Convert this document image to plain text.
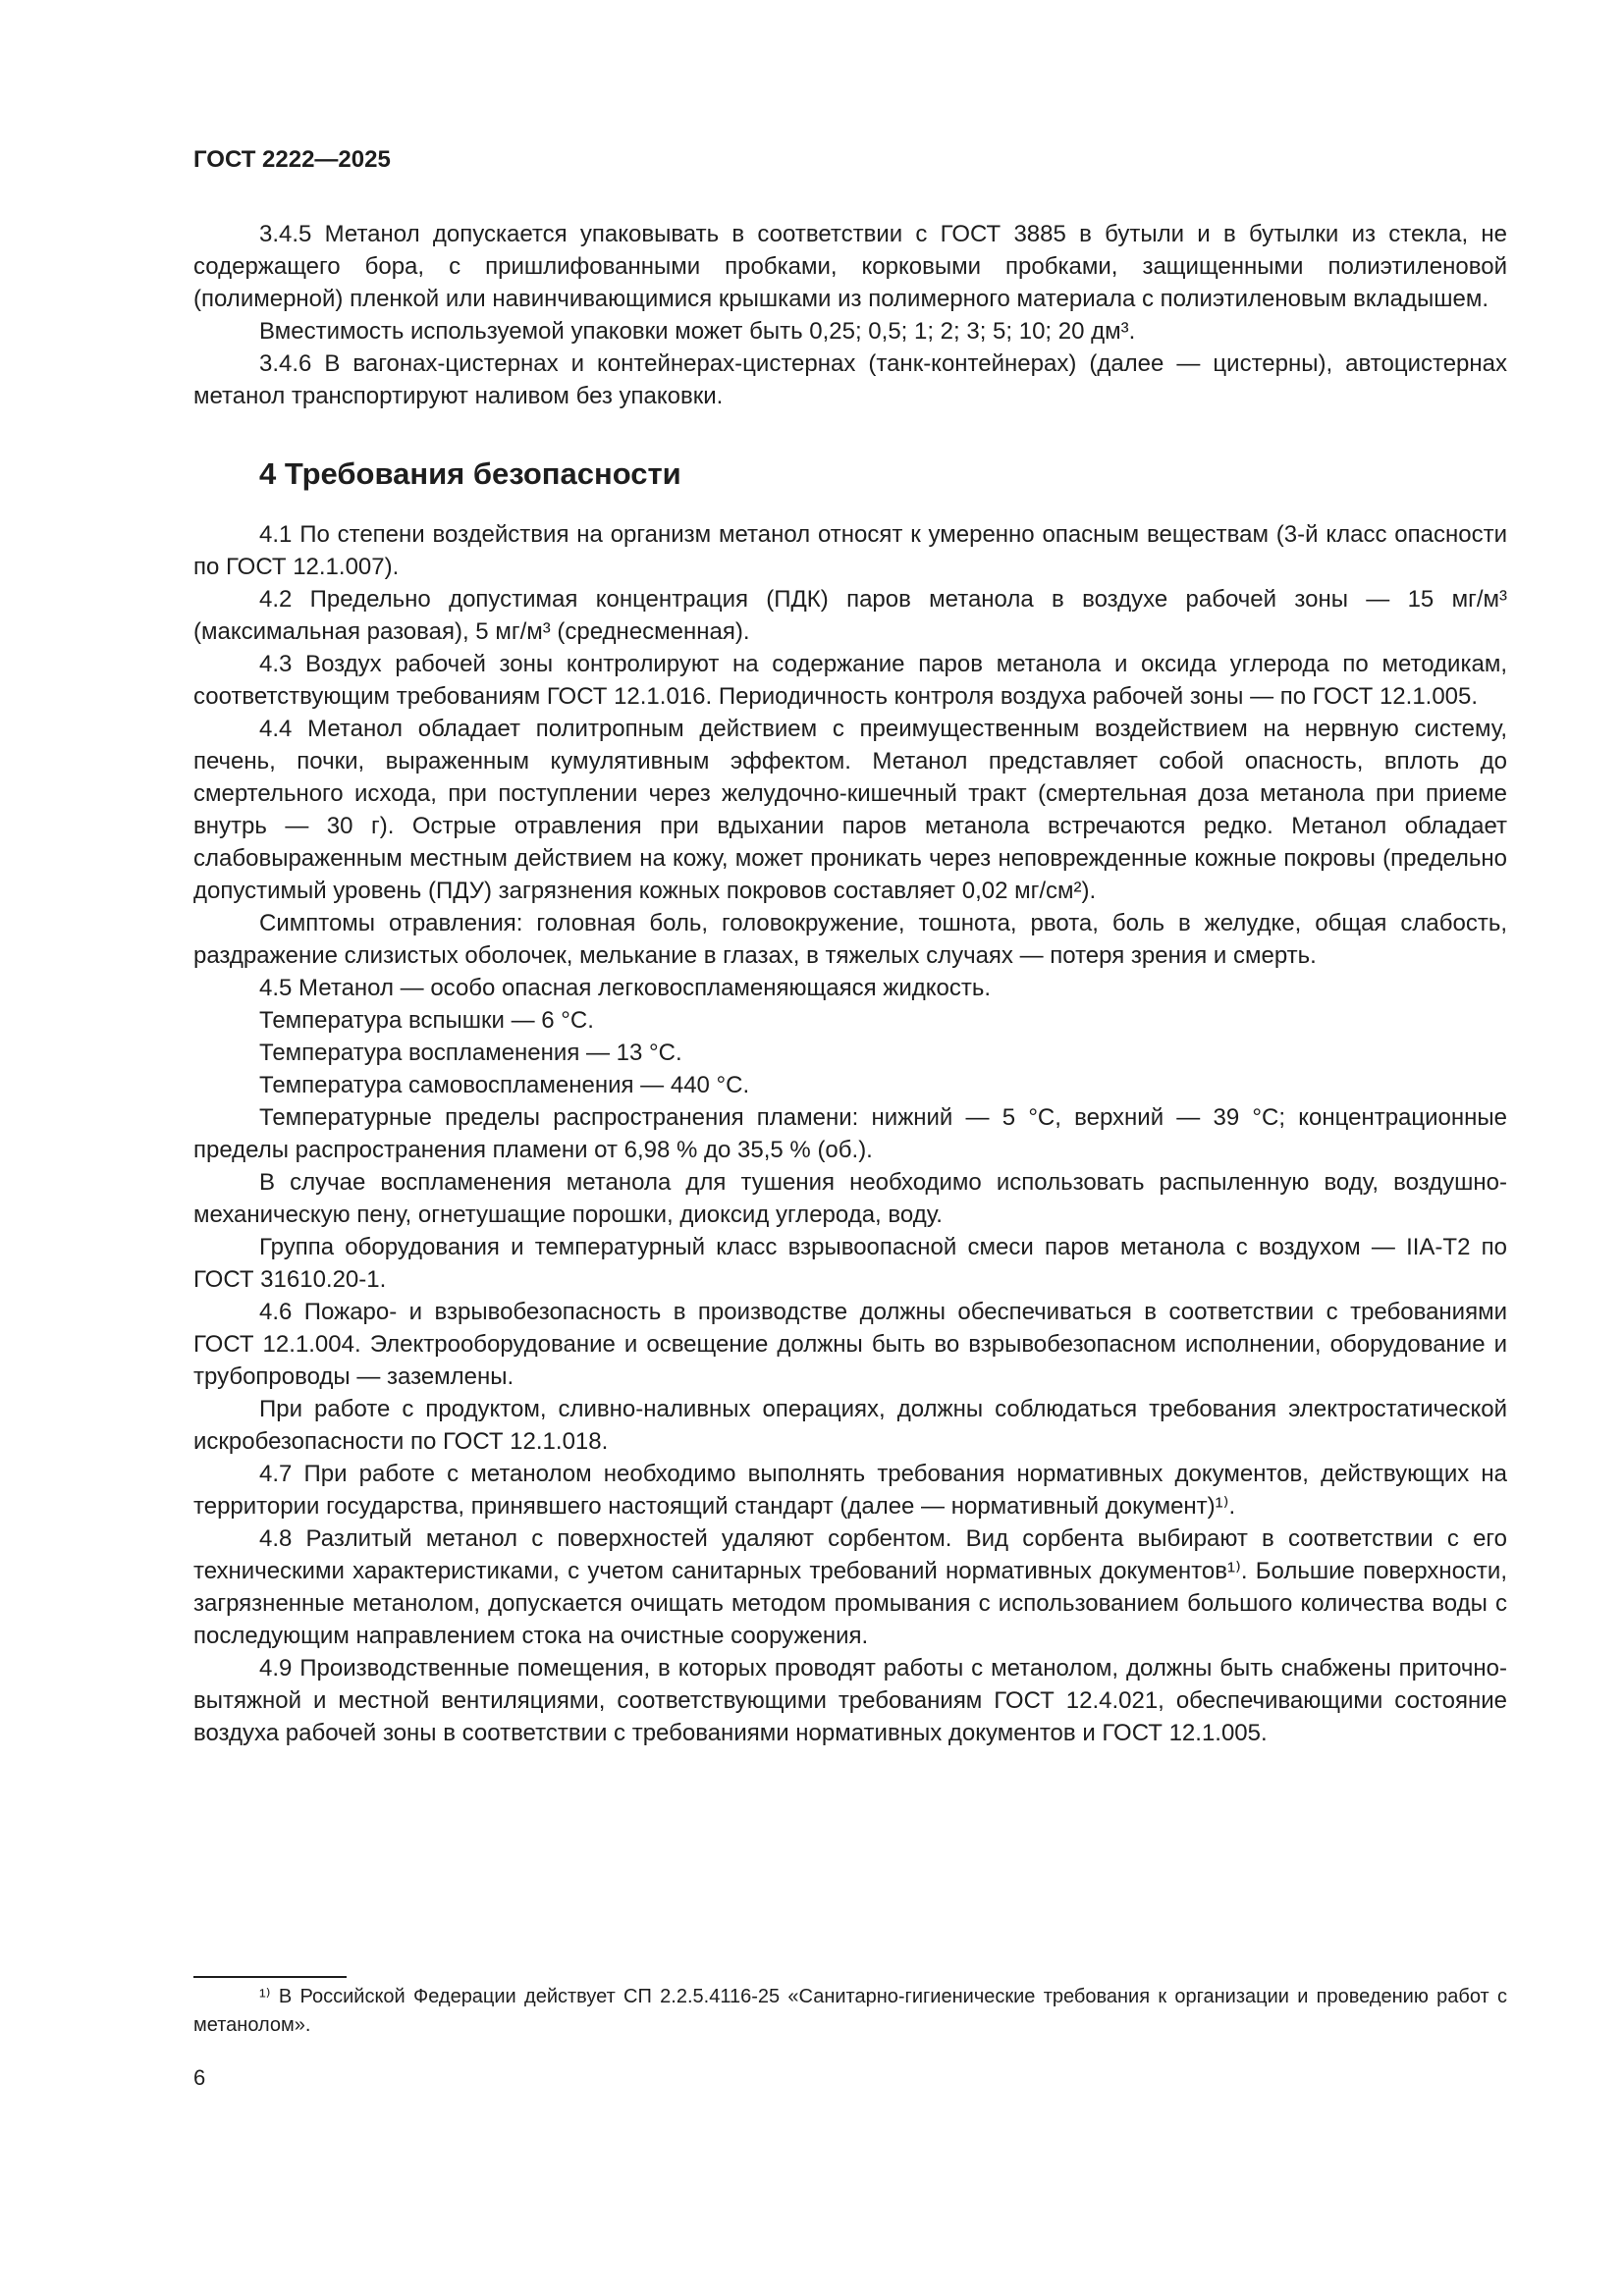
ГОСТ 2222—2025

3.4.5 Метанол допускается упаковывать в соответствии с ГОСТ 3885 в бутыли и в бутылки из стекла, не содержащего бора, с пришлифованными пробками, корковыми пробками, защищенными полиэтиленовой (полимерной) пленкой или навинчивающимися крышками из полимерного материала с полиэтиленовым вкладышем.

Вместимость используемой упаковки может быть 0,25; 0,5; 1; 2; 3; 5; 10; 20 дм³.

3.4.6 В вагонах-цистернах и контейнерах-цистернах (танк-контейнерах) (далее — цистерны), автоцистернах метанол транспортируют наливом без упаковки.

4 Требования безопасности

4.1 По степени воздействия на организм метанол относят к умеренно опасным веществам (3-й класс опасности по ГОСТ 12.1.007).

4.2 Предельно допустимая концентрация (ПДК) паров метанола в воздухе рабочей зоны — 15 мг/м³ (максимальная разовая), 5 мг/м³ (среднесменная).

4.3 Воздух рабочей зоны контролируют на содержание паров метанола и оксида углерода по методикам, соответствующим требованиям ГОСТ 12.1.016. Периодичность контроля воздуха рабочей зоны — по ГОСТ 12.1.005.

4.4 Метанол обладает политропным действием с преимущественным воздействием на нервную систему, печень, почки, выраженным кумулятивным эффектом. Метанол представляет собой опасность, вплоть до смертельного исхода, при поступлении через желудочно-кишечный тракт (смертельная доза метанола при приеме внутрь — 30 г). Острые отравления при вдыхании паров метанола встречаются редко. Метанол обладает слабовыраженным местным действием на кожу, может проникать через неповрежденные кожные покровы (предельно допустимый уровень (ПДУ) загрязнения кожных покровов составляет 0,02 мг/см²).

Симптомы отравления: головная боль, головокружение, тошнота, рвота, боль в желудке, общая слабость, раздражение слизистых оболочек, мелькание в глазах, в тяжелых случаях — потеря зрения и смерть.

4.5 Метанол — особо опасная легковоспламеняющаяся жидкость.

Температура вспышки — 6 °С.

Температура воспламенения — 13 °С.

Температура самовоспламенения — 440 °С.

Температурные пределы распространения пламени: нижний — 5 °С, верхний — 39 °С; концентрационные пределы распространения пламени от 6,98 % до 35,5 % (об.).

В случае воспламенения метанола для тушения необходимо использовать распыленную воду, воздушно-механическую пену, огнетушащие порошки, диоксид углерода, воду.

Группа оборудования и температурный класс взрывоопасной смеси паров метанола с воздухом — IIA-T2 по ГОСТ 31610.20-1.

4.6 Пожаро- и взрывобезопасность в производстве должны обеспечиваться в соответствии с требованиями ГОСТ 12.1.004. Электрооборудование и освещение должны быть во взрывобезопасном исполнении, оборудование и трубопроводы — заземлены.

При работе с продуктом, сливно-наливных операциях, должны соблюдаться требования электростатической искробезопасности по ГОСТ 12.1.018.

4.7 При работе с метанолом необходимо выполнять требования нормативных документов, действующих на территории государства, принявшего настоящий стандарт (далее — нормативный документ)¹⁾.

4.8 Разлитый метанол с поверхностей удаляют сорбентом. Вид сорбента выбирают в соответствии с его техническими характеристиками, с учетом санитарных требований нормативных документов¹⁾. Большие поверхности, загрязненные метанолом, допускается очищать методом промывания с использованием большого количества воды с последующим направлением стока на очистные сооружения.

4.9 Производственные помещения, в которых проводят работы с метанолом, должны быть снабжены приточно-вытяжной и местной вентиляциями, соответствующими требованиям ГОСТ 12.4.021, обеспечивающими состояние воздуха рабочей зоны в соответствии с требованиями нормативных документов и ГОСТ 12.1.005.

¹⁾ В Российской Федерации действует СП 2.2.5.4116-25 «Санитарно-гигиенические требования к организации и проведению работ с метанолом».

6
